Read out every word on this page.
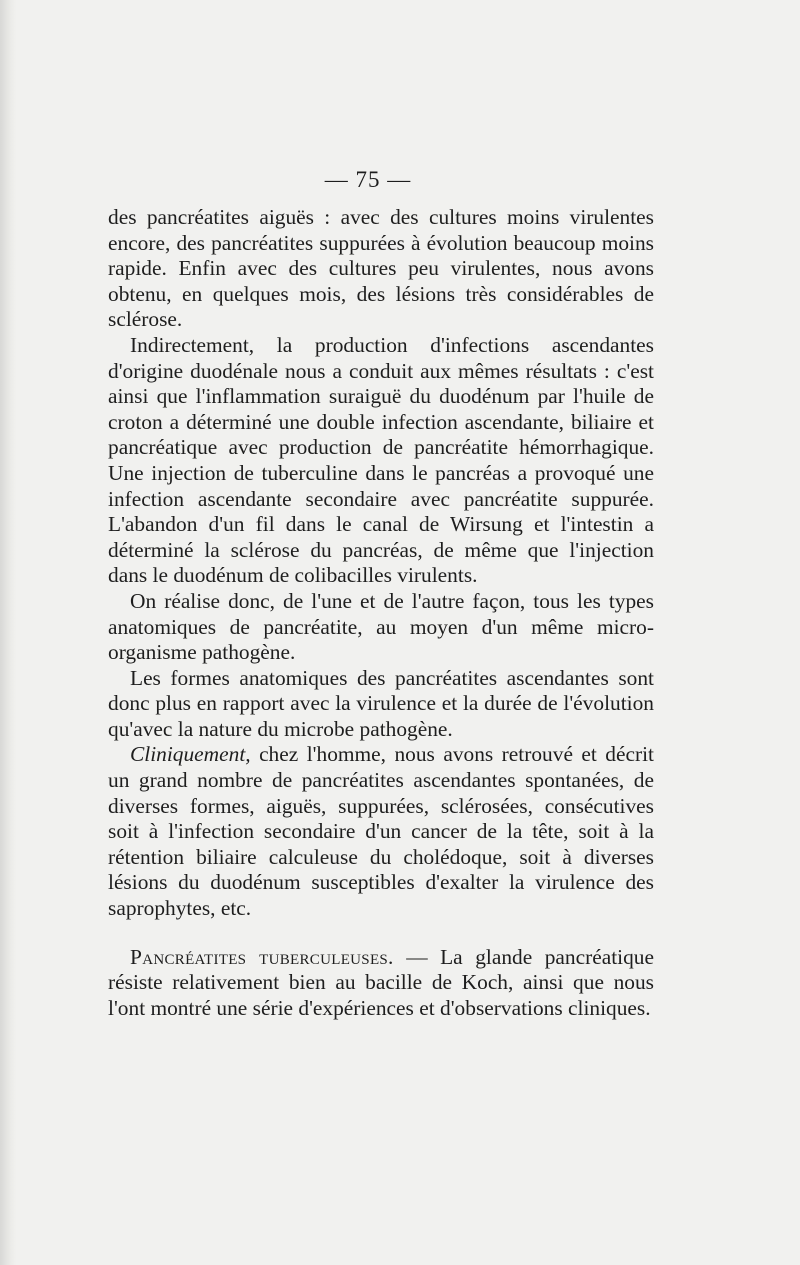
— 75 —

des pancréatites aiguës : avec des cultures moins virulentes encore, des pancréatites suppurées à évolution beaucoup moins rapide. Enfin avec des cultures peu virulentes, nous avons obtenu, en quelques mois, des lésions très considérables de sclérose.

Indirectement, la production d'infections ascendantes d'origine duodénale nous a conduit aux mêmes résultats : c'est ainsi que l'inflammation suraiguë du duodénum par l'huile de croton a déterminé une double infection ascendante, biliaire et pancréatique avec production de pancréatite hémorrhagique. Une injection de tuberculine dans le pancréas a provoqué une infection ascendante secondaire avec pancréatite suppurée. L'abandon d'un fil dans le canal de Wirsung et l'intestin a déterminé la sclérose du pancréas, de même que l'injection dans le duodénum de colibacilles virulents.

On réalise donc, de l'une et de l'autre façon, tous les types anatomiques de pancréatite, au moyen d'un même micro-organisme pathogène.

Les formes anatomiques des pancréatites ascendantes sont donc plus en rapport avec la virulence et la durée de l'évolution qu'avec la nature du microbe pathogène.

Cliniquement, chez l'homme, nous avons retrouvé et décrit un grand nombre de pancréatites ascendantes spontanées, de diverses formes, aiguës, suppurées, sclérosées, consécutives soit à l'infection secondaire d'un cancer de la tête, soit à la rétention biliaire calculeuse du cholédoque, soit à diverses lésions du duodénum susceptibles d'exalter la virulence des saprophytes, etc.

Pancréatites tuberculeuses. — La glande pancréatique résiste relativement bien au bacille de Koch, ainsi que nous l'ont montré une série d'expériences et d'observations cliniques.
